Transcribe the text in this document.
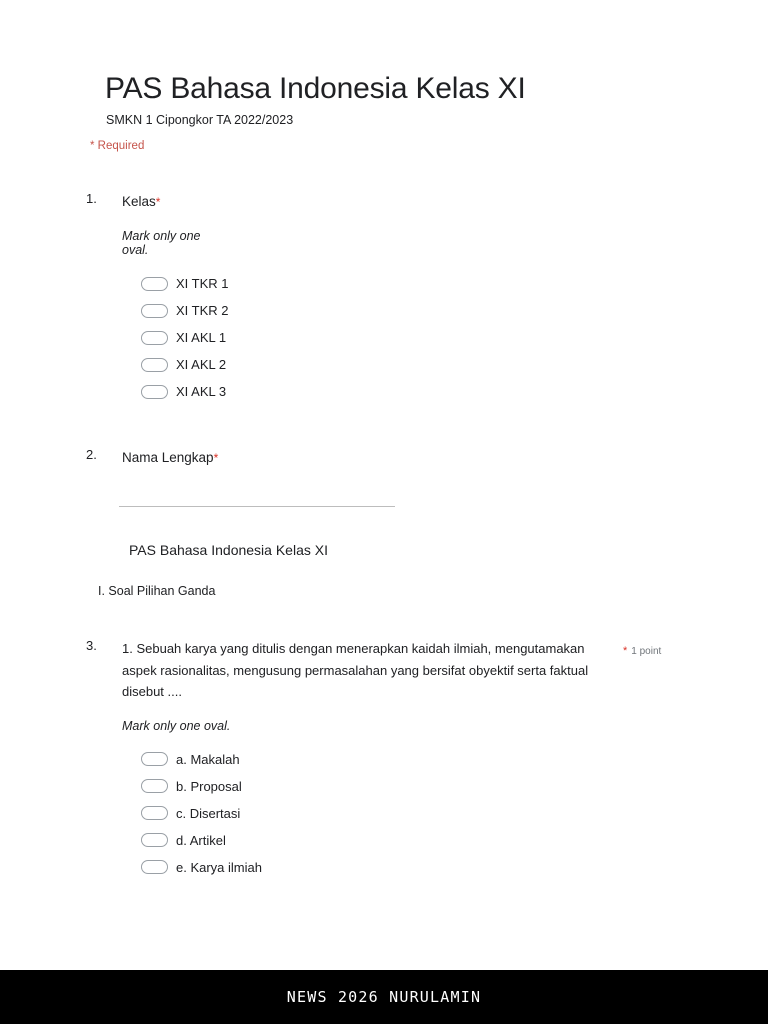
PAS Bahasa Indonesia Kelas XI
SMKN 1 Cipongkor TA 2022/2023
* Required
1.	Kelas*
Mark only one oval.
XI TKR 1
XI TKR 2
XI AKL 1
XI AKL 2
XI AKL 3
2.	Nama Lengkap*
PAS Bahasa Indonesia Kelas XI
I. Soal Pilihan Ganda
3.	1. Sebuah karya yang ditulis dengan menerapkan kaidah ilmiah, mengutamakan aspek rasionalitas, mengusung permasalahan yang bersifat obyektif serta faktual disebut ....
Mark only one oval.
a. Makalah
b. Proposal
c. Disertasi
d. Artikel
e. Karya ilmiah
* 1 point
NEWS 2026 NURULAMIN
